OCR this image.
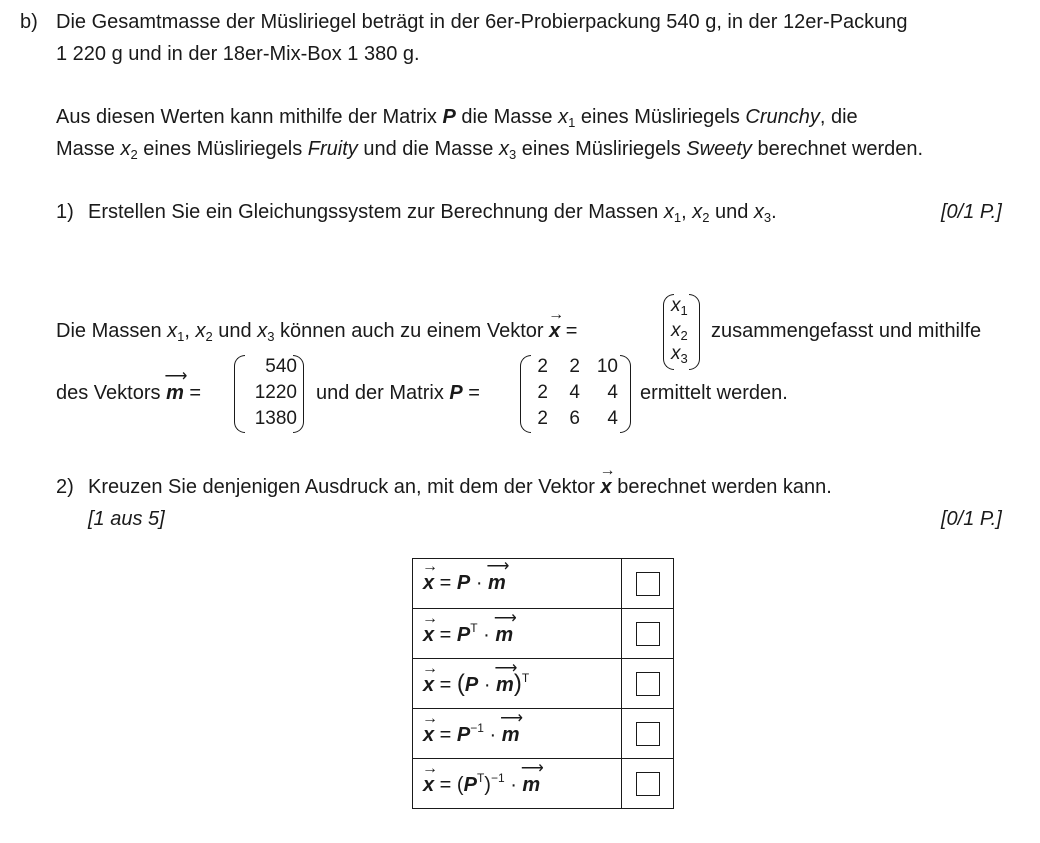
b) Die Gesamtmasse der Müsliriegel beträgt in der 6er-Probierpackung 540 g, in der 12er-Packung
1 220 g und in der 18er-Mix-Box 1 380 g.
Aus diesen Werten kann mithilfe der Matrix P die Masse $x_1$ eines Müsliriegels Crunchy, die
Masse $x_2$ eines Müsliriegels Fruity und die Masse $x_3$ eines Müsliriegels Sweety berechnet werden.
1) Erstellen Sie ein Gleichungssystem zur Berechnung der Massen $x_1$, $x_2$ und $x_3$.	[0/1 P.]
Die Massen $x_1$, $x_2$ und $x_3$ können auch zu einem Vektor
→
x =
$x_1$
$x_2$
$x_3$
zusammengefasst und mithilfe
des Vektors
⟶
m =
540
1220
1380
und der Matrix P =
2	2 10
2	4	4
2	6	4
ermittelt werden.
2) Kreuzen Sie denjenigen Ausdruck an, mit dem der Vektor
→
x berechnet werden kann.
[1 aus 5]	[0/1 P.]
→
x = P ·
⟶
m	

→
$x = P^T$ ·
⟶
m	

→
x = (P ·
⟶
m)$^T$	

→
$x = P^{-1}$ ·
⟶
m	

→
$x = (P^T)^{-1}$ ·
⟶
m	
